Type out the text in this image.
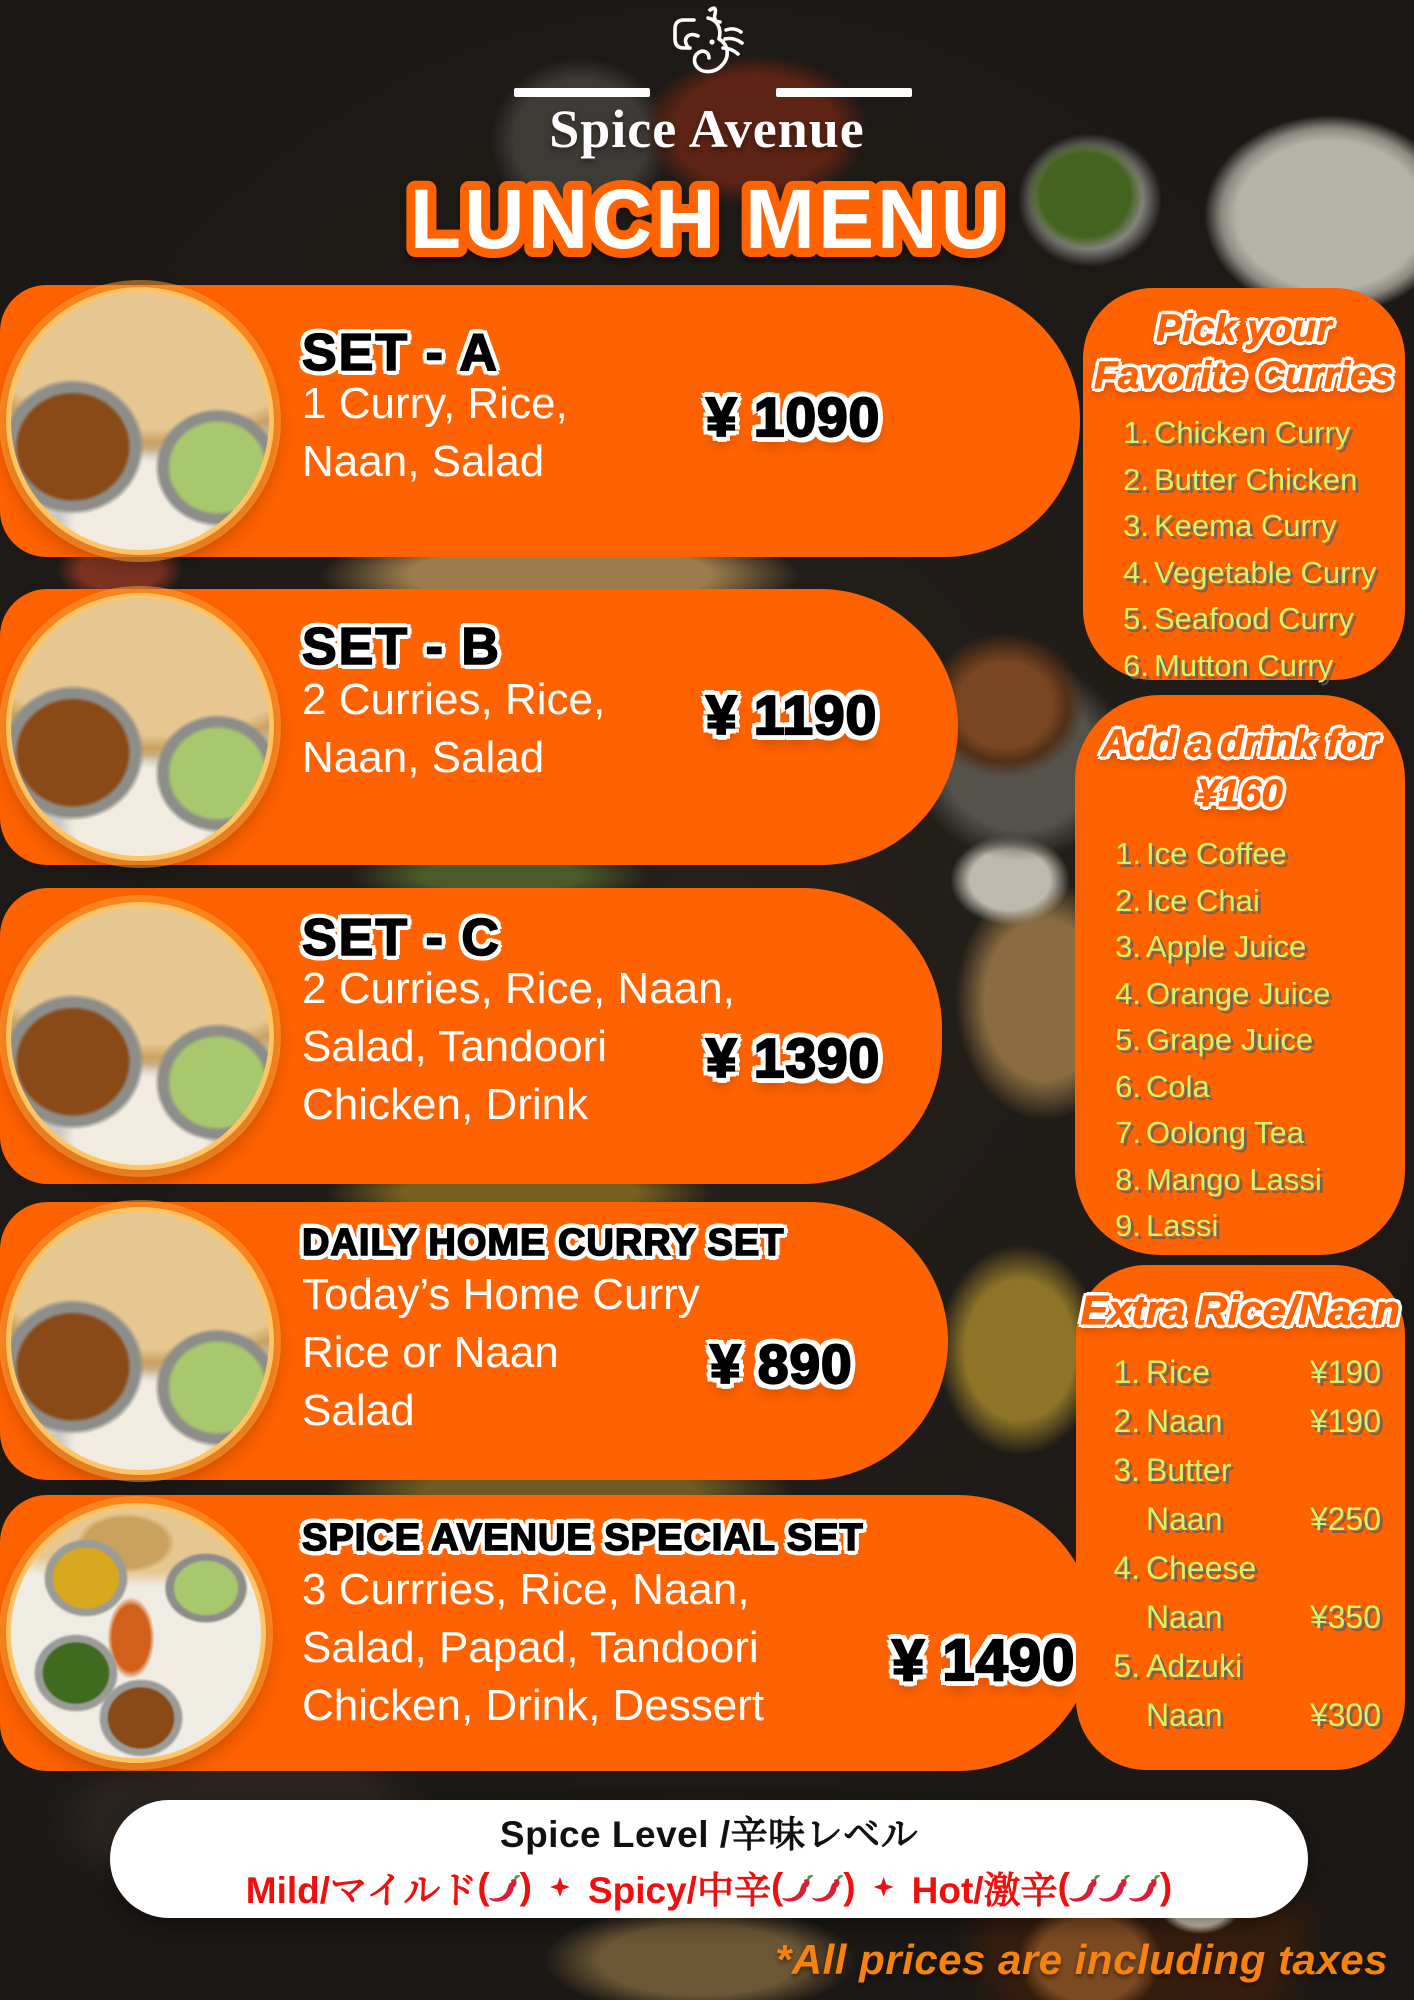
Spice Avenue
LUNCH MENU
SET - A

1 Curry, Rice,

Naan, Salad

¥ 1090

SET - B

2 Curries, Rice,

Naan, Salad

¥ 1190

SET - C

2 Curries, Rice, Naan,

Salad, Tandoori

Chicken, Drink

¥ 1390

DAILY HOME CURRY SET

Today’s Home Curry

Rice or Naan

Salad

¥ 890

SPICE AVENUE SPECIAL SET

3 Currries, Rice, Naan,

Salad, Papad, Tandoori

Chicken, Drink, Dessert

¥ 1490

Pick your
Favorite Curries
1. Chicken Curry
2. Butter Chicken
3. Keema Curry
4. Vegetable Curry
5. Seafood Curry
6. Mutton Curry
Add a drink for
¥160
1. Ice Coffee
2. Ice Chai
3. Apple Juice
4. Orange Juice
5. Grape Juice
6. Cola
7. Oolong Tea
8. Mango Lassi
9. Lassi
Extra Rice/Naan
1. Rice	¥190
2. Naan	¥190
3. Butter
Naan	¥250
4. Cheese
Naan	¥350
5. Adzuki
Naan	¥300
Spice Level /辛味レベル
Mild/マイルド ( ) Spicy/中辛 ( ) Hot/激辛 ( )
*All prices are including taxes
